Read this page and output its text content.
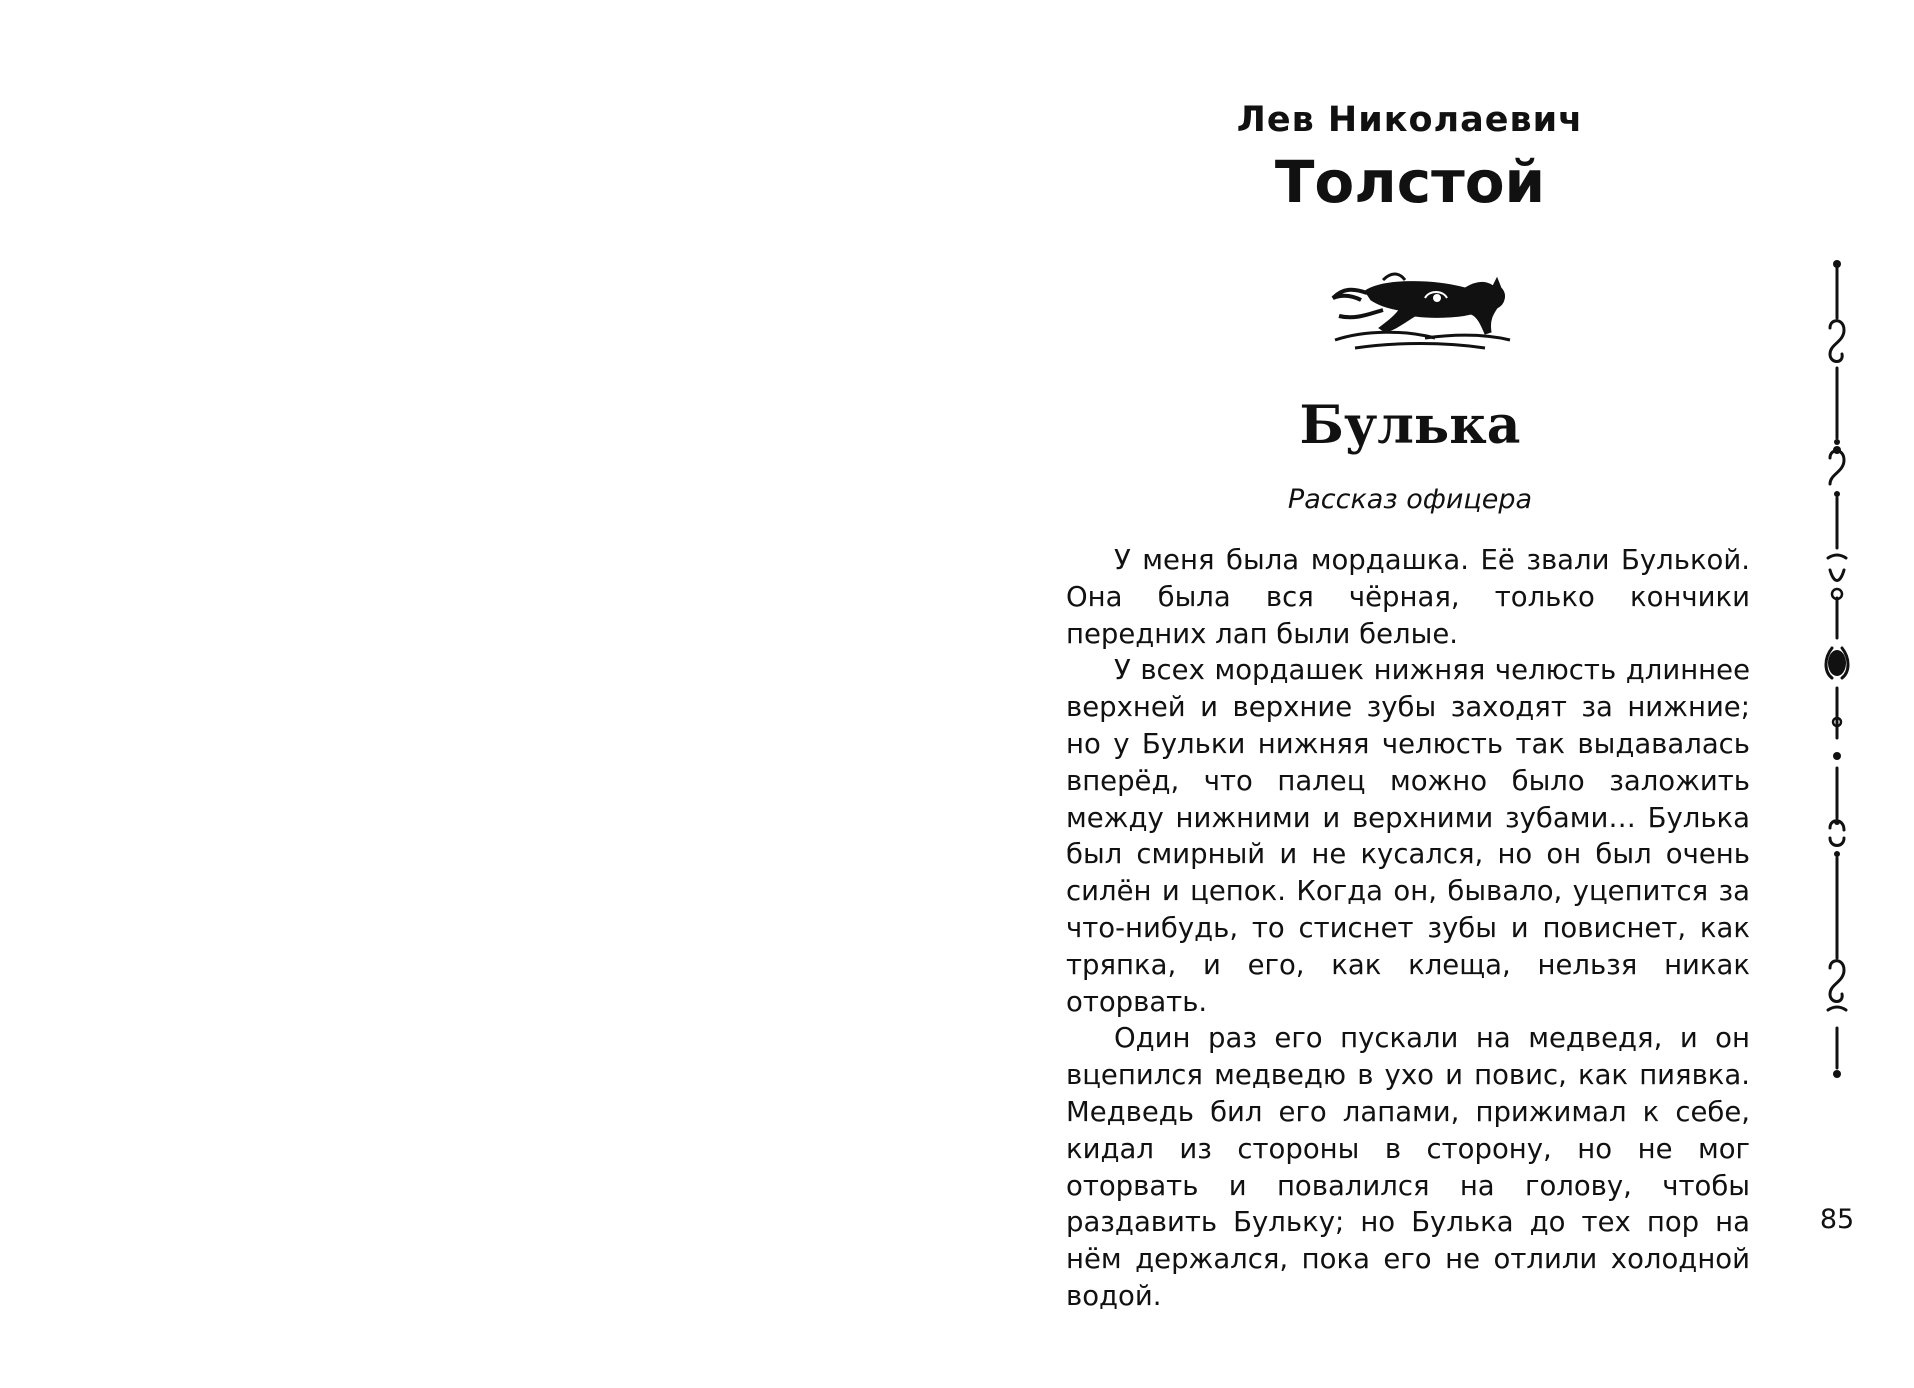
Лев Николаевич
Толстой
Булька
Рассказ офицера

У меня была мордашка. Её звали Булькой. Она была вся чёрная, только кончики передних лап были белые.

У всех мордашек нижняя челюсть длиннее верхней и верхние зубы заходят за нижние; но у Бульки нижняя челюсть так выдавалась вперёд, что палец можно было заложить между нижними и верхними зубами… Булька был смирный и не кусался, но он был очень силён и цепок. Когда он, бывало, уцепится за что-нибудь, то стиснет зубы и повиснет, как тряпка, и его, как клеща, нельзя никак оторвать.

Один раз его пускали на медведя, и он вцепился медведю в ухо и повис, как пиявка. Медведь бил его лапами, прижимал к себе, кидал из стороны в сторону, но не мог оторвать и повалился на голову, чтобы раздавить Бульку; но Булька до тех пор на нём держался, пока его не отлили холодной водой.

85
